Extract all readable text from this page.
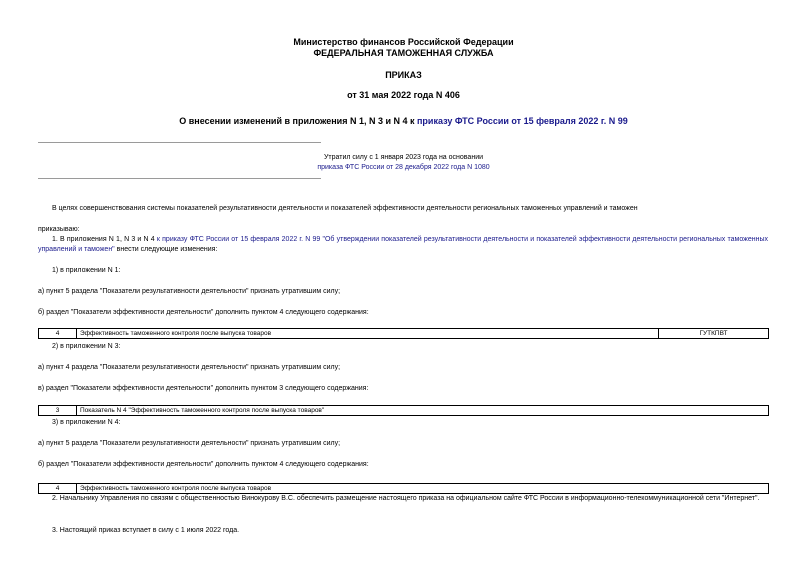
Министерство финансов Российской Федерации
ФЕДЕРАЛЬНАЯ ТАМОЖЕННАЯ СЛУЖБА
ПРИКАЗ
от 31 мая 2022 года N 406
О внесении изменений в приложения N 1, N 3 и N 4 к приказу ФТС России от 15 февраля 2022 г. N 99
Утратил силу с 1 января 2023 года на основании
приказа ФТС России от 28 декабря 2022 года N 1080
В целях совершенствования системы показателей результативности деятельности и показателей эффективности деятельности региональных таможенных управлений и таможен
приказываю:
1. В приложения N 1, N 3 и N 4 к приказу ФТС России от 15 февраля 2022 г. N 99 "Об утверждении показателей результативности деятельности и показателей эффективности деятельности региональных таможенных управлений и таможен" внести следующие изменения:
1) в приложении N 1:
а) пункт 5 раздела "Показатели результативности деятельности" признать утратившим силу;
б) раздел "Показатели эффективности деятельности" дополнить пунктом 4 следующего содержания:
4	Эффективность таможенного контроля после выпуска товаров	ГУТКПВТ
2) в приложении N 3:
а) пункт 4 раздела "Показатели результативности деятельности" признать утратившим силу;
в) раздел "Показатели эффективности деятельности" дополнить пунктом 3 следующего содержания:
3	Показатель N 4 "Эффективность таможенного контроля после выпуска товаров"
3) в приложении N 4:
а) пункт 5 раздела "Показатели результативности деятельности" признать утратившим силу;
б) раздел "Показатели эффективности деятельности" дополнить пунктом 4 следующего содержания:
4	Эффективность таможенного контроля после выпуска товаров
2. Начальнику Управления по связям с общественностью Винокурову В.С. обеспечить размещение настоящего приказа на официальном сайте ФТС России в информационно-телекоммуникационной сети "Интернет".
3. Настоящий приказ вступает в силу с 1 июля 2022 года.
